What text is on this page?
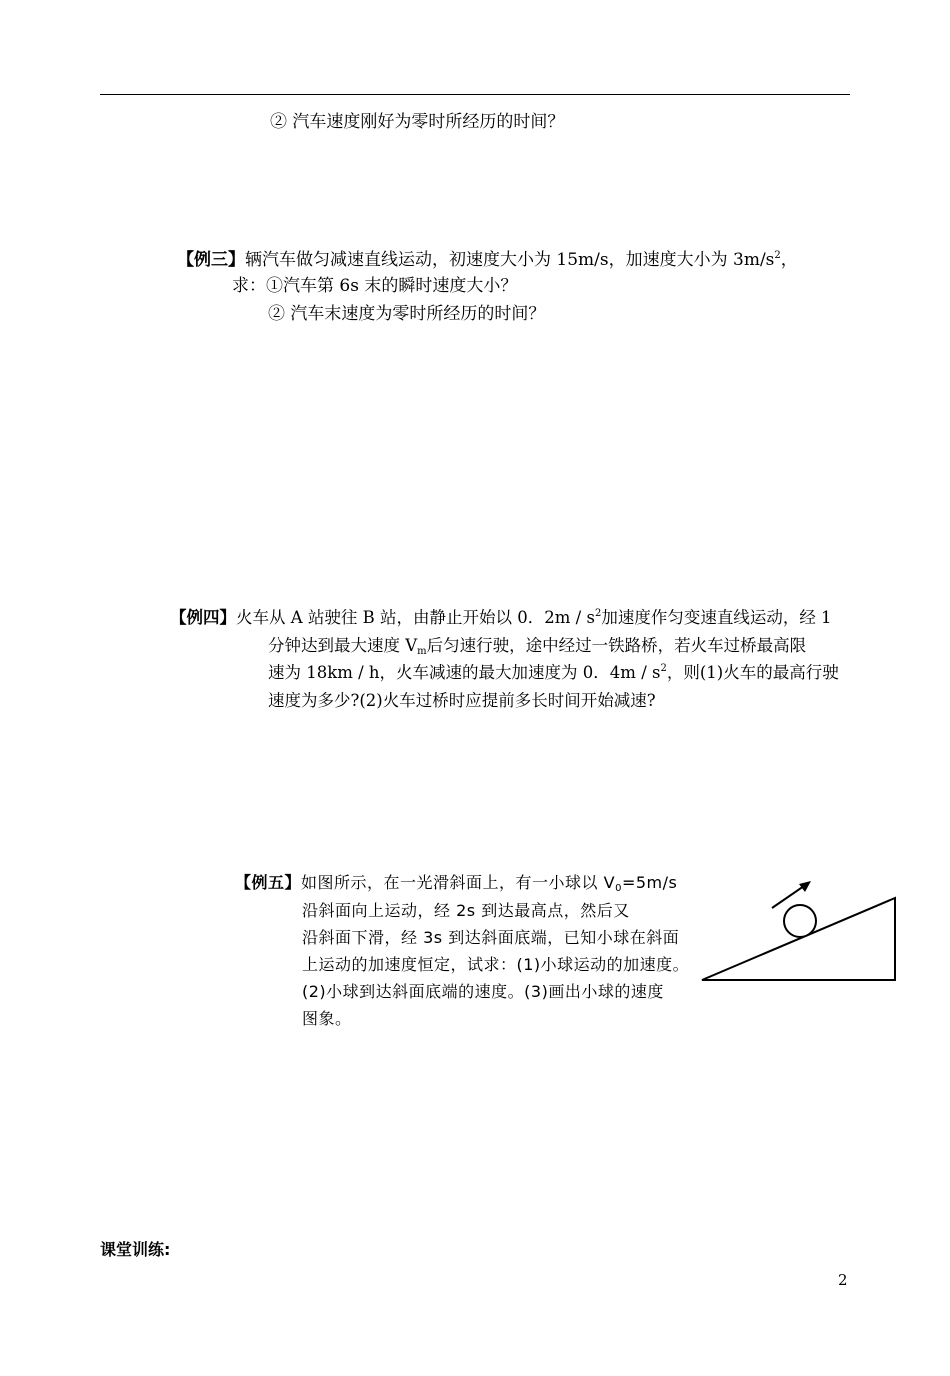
② 汽车速度刚好为零时所经历的时间？
【例三】辆汽车做匀减速直线运动，初速度大小为 15m/s，加速度大小为 $3m/s^2$，
求：①汽车第 6s 末的瞬时速度大小？
② 汽车末速度为零时所经历的时间？
【例四】火车从 A 站驶往 B 站，由静止开始以 0．$2m / s^2$加速度作匀变速直线运动，经 1
分钟达到最大速度 $V_m$后匀速行驶，途中经过一铁路桥，若火车过桥最高限
速为 18km / h，火车减速的最大加速度为 0．$4m / s^2$，则(1)火车的最高行驶
速度为多少?(2)火车过桥时应提前多长时间开始减速?
【例五】如图所示，在一光滑斜面上，有一小球以 $V_0=5m/s$
沿斜面向上运动，经 2s 到达最高点，然后又
沿斜面下滑，经 3s 到达斜面底端，已知小球在斜面
上运动的加速度恒定，试求：(1)小球运动的加速度。
(2)小球到达斜面底端的速度。(3)画出小球的速度
图象。
课堂训练:
2
